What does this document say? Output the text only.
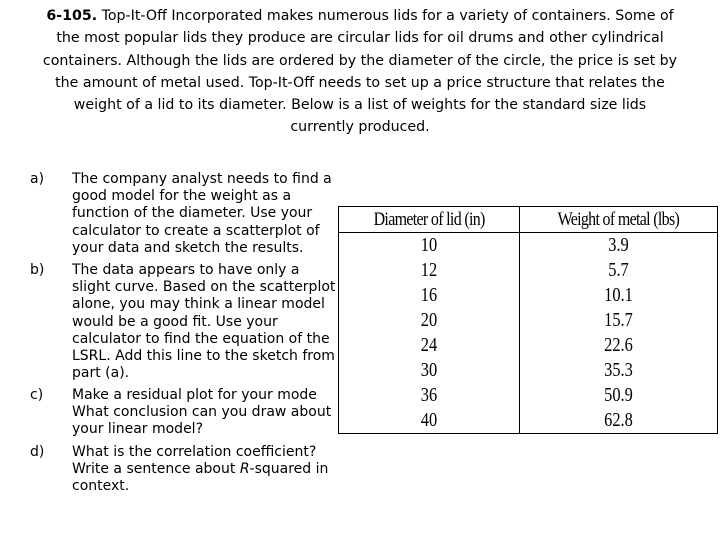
6-105. Top-It-Off Incorporated makes numerous lids for a variety of containers. Some of the most popular lids they produce are circular lids for oil drums and other cylindrical containers. Although the lids are ordered by the diameter of the circle, the price is set by the amount of metal used. Top-It-Off needs to set up a price structure that relates the weight of a lid to its diameter. Below is a list of weights for the standard size lids currently produced.
a) The company analyst needs to find a good model for the weight as a function of the diameter. Use your calculator to create a scatterplot of your data and sketch the results.
b) The data appears to have only a slight curve. Based on the scatterplot alone, you may think a linear model would be a good fit. Use your calculator to find the equation of the LSRL. Add this line to the sketch from part (a).
c) Make a residual plot for your mode What conclusion can you draw about your linear model?
d) What is the correlation coefficient? Write a sentence about R-squared in context.
Diameter of lid (in)	Weight of metal (lbs)
10	3.9
12	5.7
16	10.1
20	15.7
24	22.6
30	35.3
36	50.9
40	62.8
